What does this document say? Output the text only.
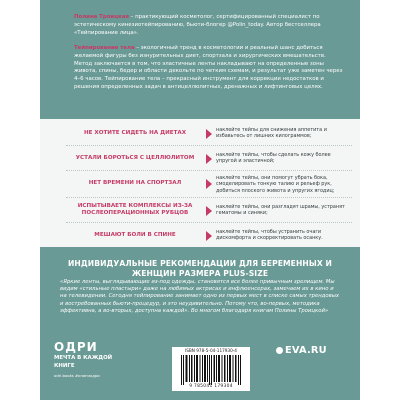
Полина Троицкая – практикующий косметолог, сертифицированный специалист по эстетическому кинезиотейпированию, бьюти-блогер @Polin_today. Автор бестселлера «Тейпирование лица».

Тейпирование тела – экологичный тренд в косметологии и реальный шанс добиться желаемой фигуры без изнурительных диет, спортзала и хирургических вмешательств. Метод заключается в том, что эластичные ленты накладывают на определенные зоны живота, спины, бедер и области декольте по четким схемам, и результат уже заметен через 4–6 часов. Тейпирование тела – прекрасный инструмент для коррекции недостатков и решения определенных задач в антицеллюлитных, дренажных и лифтинговых целях.

НЕ ХОТИТЕ СИДЕТЬ НА ДИЕТАХ	наклейте тейпы для снижения аппетита и избавьтесь от лишних килограммов;
УСТАЛИ БОРОТЬСЯ С ЦЕЛЛЮЛИТОМ	наклейте тейпы, чтобы сделать кожу более упругой и эластичной;
НЕТ ВРЕМЕНИ НА СПОРТЗАЛ
наклейте тейпы, они помогут убрать бока, смоделировать тонкую талию и рельеф рук, добиться плоского живота и упругих ягодиц;
ИСПЫТЫВАЕТЕ КОМПЛЕКСЫ ИЗ-ЗА ПОСЛЕОПЕРАЦИОННЫХ РУБЦОВ
наклейте тейпы, они разгладят шрамы, устранят гематомы и синяки;
МЕШАЮТ БОЛИ В СПИНЕ	наклейте тейпы, чтобы устранить очаги дискомфорта и скорректировать осанку.
ИНДИВИДУАЛЬНЫЕ РЕКОМЕНДАЦИИ ДЛЯ БЕРЕМЕННЫХ И ЖЕНЩИН РАЗМЕРА PLUS-SIZE
«Яркие ленты, выглядывающие из-под одежды, становятся все более привычным зрелищем. Мы видим «стильные пластыри» даже на любимых актрисах и инфлюенсерах, замечаем их в кино и на телевидении. Сегодня тейпирование занимает одно из первых мест в списке самых трендовых и востребованных бьюти-процедур, и это неудивительно. Потому что, во-первых, методика эффективна, а во-вторых, доступна каждой». Во многом благодаря книгам Полины Троицкой»
ОДРИ
МЕЧТА В КАЖДОЙ
КНИГЕ
odri.books #книгиодри
ISBN 978-5-04-117930-4
9 785041 179304
EVA.RU
